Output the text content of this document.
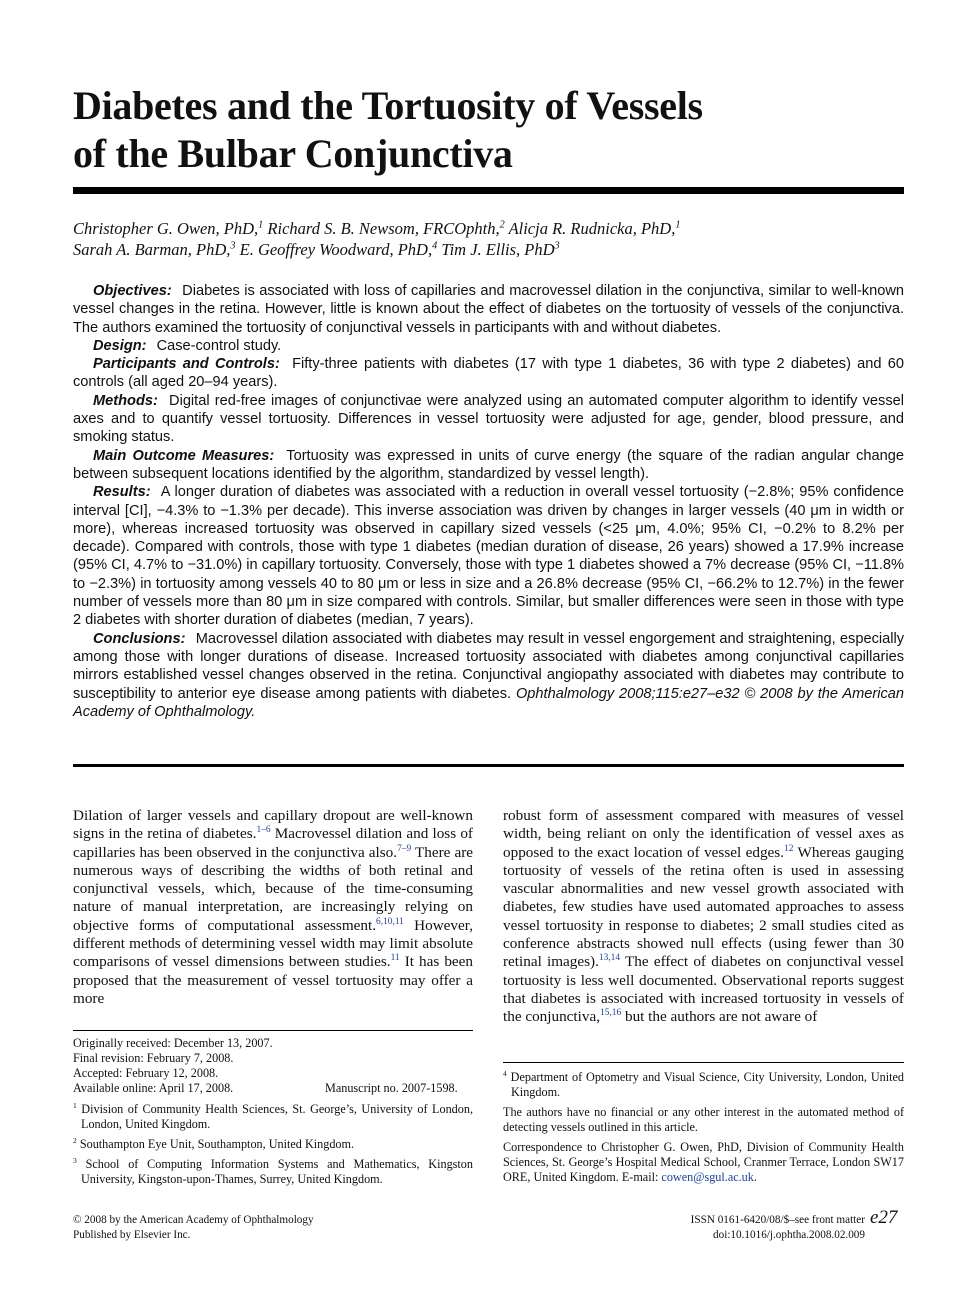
Diabetes and the Tortuosity of Vessels
of the Bulbar Conjunctiva

Christopher G. Owen, PhD,$^1$ Richard S. B. Newsom, FRCOphth,$^2$ Alicja R. Rudnicka, PhD,$^1$
Sarah A. Barman, PhD,$^3$ E. Geoffrey Woodward, PhD,$^4$ Tim J. Ellis, PhD$^3$

Objectives: Diabetes is associated with loss of capillaries and macrovessel dilation in the conjunctiva, similar to well-known vessel changes in the retina. However, little is known about the effect of diabetes on the tortuosity of vessels of the conjunctiva. The authors examined the tortuosity of conjunctival vessels in participants with and without diabetes.

Design: Case-control study.

Participants and Controls: Fifty-three patients with diabetes (17 with type 1 diabetes, 36 with type 2 diabetes) and 60 controls (all aged 20–94 years).

Methods: Digital red-free images of conjunctivae were analyzed using an automated computer algorithm to identify vessel axes and to quantify vessel tortuosity. Differences in vessel tortuosity were adjusted for age, gender, blood pressure, and smoking status.

Main Outcome Measures: Tortuosity was expressed in units of curve energy (the square of the radian angular change between subsequent locations identified by the algorithm, standardized by vessel length).

Results: A longer duration of diabetes was associated with a reduction in overall vessel tortuosity (−2.8%; 95% confidence interval [CI], −4.3% to −1.3% per decade). This inverse association was driven by changes in larger vessels (40 μm in width or more), whereas increased tortuosity was observed in capillary sized vessels (<25 μm, 4.0%; 95% CI, −0.2% to 8.2% per decade). Compared with controls, those with type 1 diabetes (median duration of disease, 26 years) showed a 17.9% increase (95% CI, 4.7% to −31.0%) in capillary tortuosity. Conversely, those with type 1 diabetes showed a 7% decrease (95% CI, −11.8% to −2.3%) in tortuosity among vessels 40 to 80 μm or less in size and a 26.8% decrease (95% CI, −66.2% to 12.7%) in the fewer number of vessels more than 80 μm in size compared with controls. Similar, but smaller differences were seen in those with type 2 diabetes with shorter duration of diabetes (median, 7 years).

Conclusions: Macrovessel dilation associated with diabetes may result in vessel engorgement and straightening, especially among those with longer durations of disease. Increased tortuosity associated with diabetes among conjunctival capillaries mirrors established vessel changes observed in the retina. Conjunctival angiopathy associated with diabetes may contribute to susceptibility to anterior eye disease among patients with diabetes. Ophthalmology 2008;115:e27–e32 © 2008 by the American Academy of Ophthalmology.

Dilation of larger vessels and capillary dropout are well-known signs in the retina of diabetes.$^{1-6}$ Macrovessel dilation and loss of capillaries has been observed in the conjunctiva also.$^{7-9}$ There are numerous ways of describing the widths of both retinal and conjunctival vessels, which, because of the time-consuming nature of manual interpretation, are increasingly relying on objective forms of computational assessment.$^{6,10,11}$ However, different methods of determining vessel width may limit absolute comparisons of vessel dimensions between studies.$^{11}$ It has been proposed that the measurement of vessel tortuosity may offer a more

robust form of assessment compared with measures of vessel width, being reliant on only the identification of vessel axes as opposed to the exact location of vessel edges.$^{12}$ Whereas gauging tortuosity of vessels of the retina often is used in assessing vascular abnormalities and new vessel growth associated with diabetes, few studies have used automated approaches to assess vessel tortuosity in response to diabetes; 2 small studies cited as conference abstracts showed null effects (using fewer than 30 retinal images).$^{13,14}$ The effect of diabetes on conjunctival vessel tortuosity is less well documented. Observational reports suggest that diabetes is associated with increased tortuosity in vessels of the conjunctiva,$^{15,16}$ but the authors are not aware of

Originally received: December 13, 2007.

Final revision: February 7, 2008.

Accepted: February 12, 2008.

Available online: April 17, 2008.	Manuscript no. 2007-1598.

$^1$ Division of Community Health Sciences, St. George’s, University of London, London, United Kingdom.

$^2$ Southampton Eye Unit, Southampton, United Kingdom.

$^3$ School of Computing Information Systems and Mathematics, Kingston University, Kingston-upon-Thames, Surrey, United Kingdom.

$^4$ Department of Optometry and Visual Science, City University, London, United Kingdom.

The authors have no financial or any other interest in the automated method of detecting vessels outlined in this article.

Correspondence to Christopher G. Owen, PhD, Division of Community Health Sciences, St. George’s Hospital Medical School, Cranmer Terrace, London SW17 ORE, United Kingdom. E-mail: cowen@sgul.ac.uk.

© 2008 by the American Academy of Ophthalmology

Published by Elsevier Inc.

ISSN 0161-6420/08/$–see front matter

doi:10.1016/j.ophtha.2008.02.009

e27
